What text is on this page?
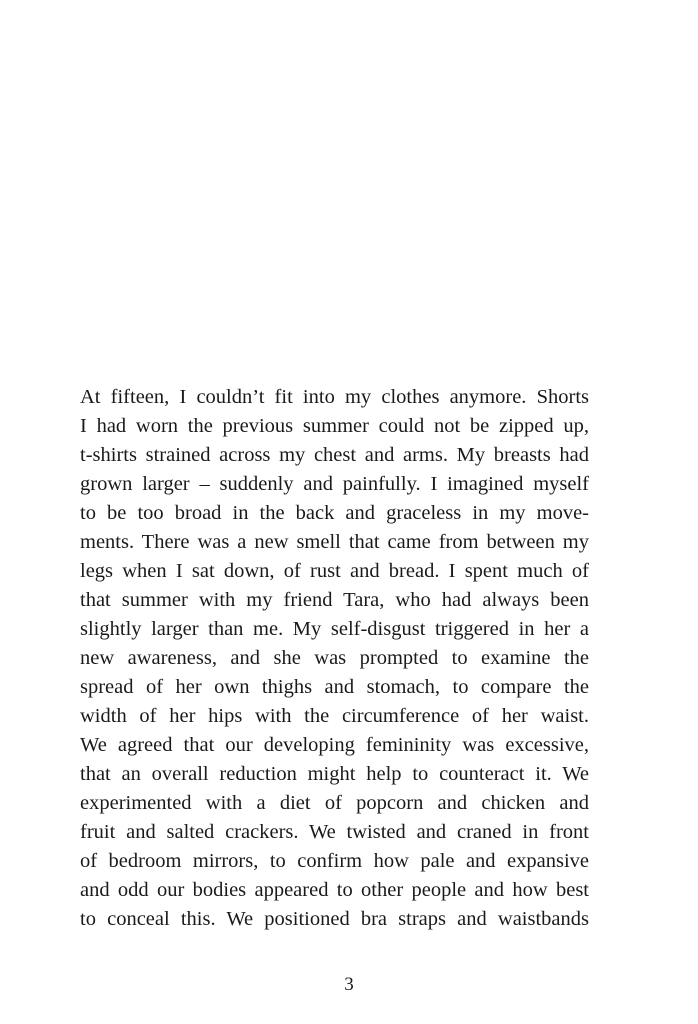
At fifteen, I couldn’t fit into my clothes anymore. Shorts
I had worn the previous summer could not be zipped up,
t-shirts strained across my chest and arms. My breasts had
grown larger – suddenly and painfully. I imagined myself
to be too broad in the back and graceless in my move-
ments. There was a new smell that came from between my
legs when I sat down, of rust and bread. I spent much of
that summer with my friend Tara, who had always been
slightly larger than me. My self-disgust triggered in her a
new awareness, and she was prompted to examine the
spread of her own thighs and stomach, to compare the
width of her hips with the circumference of her waist.
We agreed that our developing femininity was excessive,
that an overall reduction might help to counteract it. We
experimented with a diet of popcorn and chicken and
fruit and salted crackers. We twisted and craned in front
of bedroom mirrors, to confirm how pale and expansive
and odd our bodies appeared to other people and how best
to conceal this. We positioned bra straps and waistbands
3
